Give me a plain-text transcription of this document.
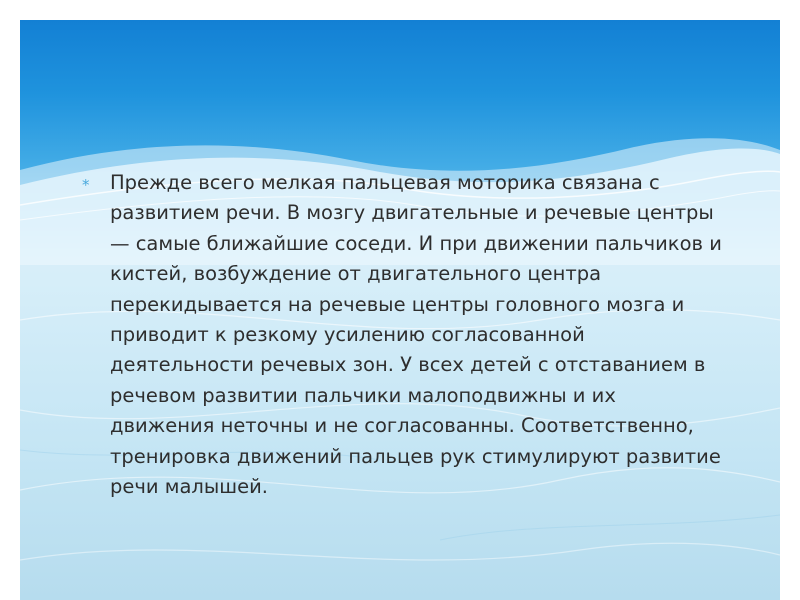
* Прежде всего мелкая пальцевая моторика связана с развитием речи. В мозгу двигательные и речевые центры — самые ближайшие соседи. И при движении пальчиков и кистей, возбуждение от двигательного центра перекидывается на речевые центры головного мозга и приводит к резкому усилению согласованной деятельности речевых зон. У всех детей с отставанием в речевом развитии пальчики малоподвижны и их движения неточны и не согласованны. Соответственно, тренировка движений пальцев рук стимулируют развитие речи малышей.
